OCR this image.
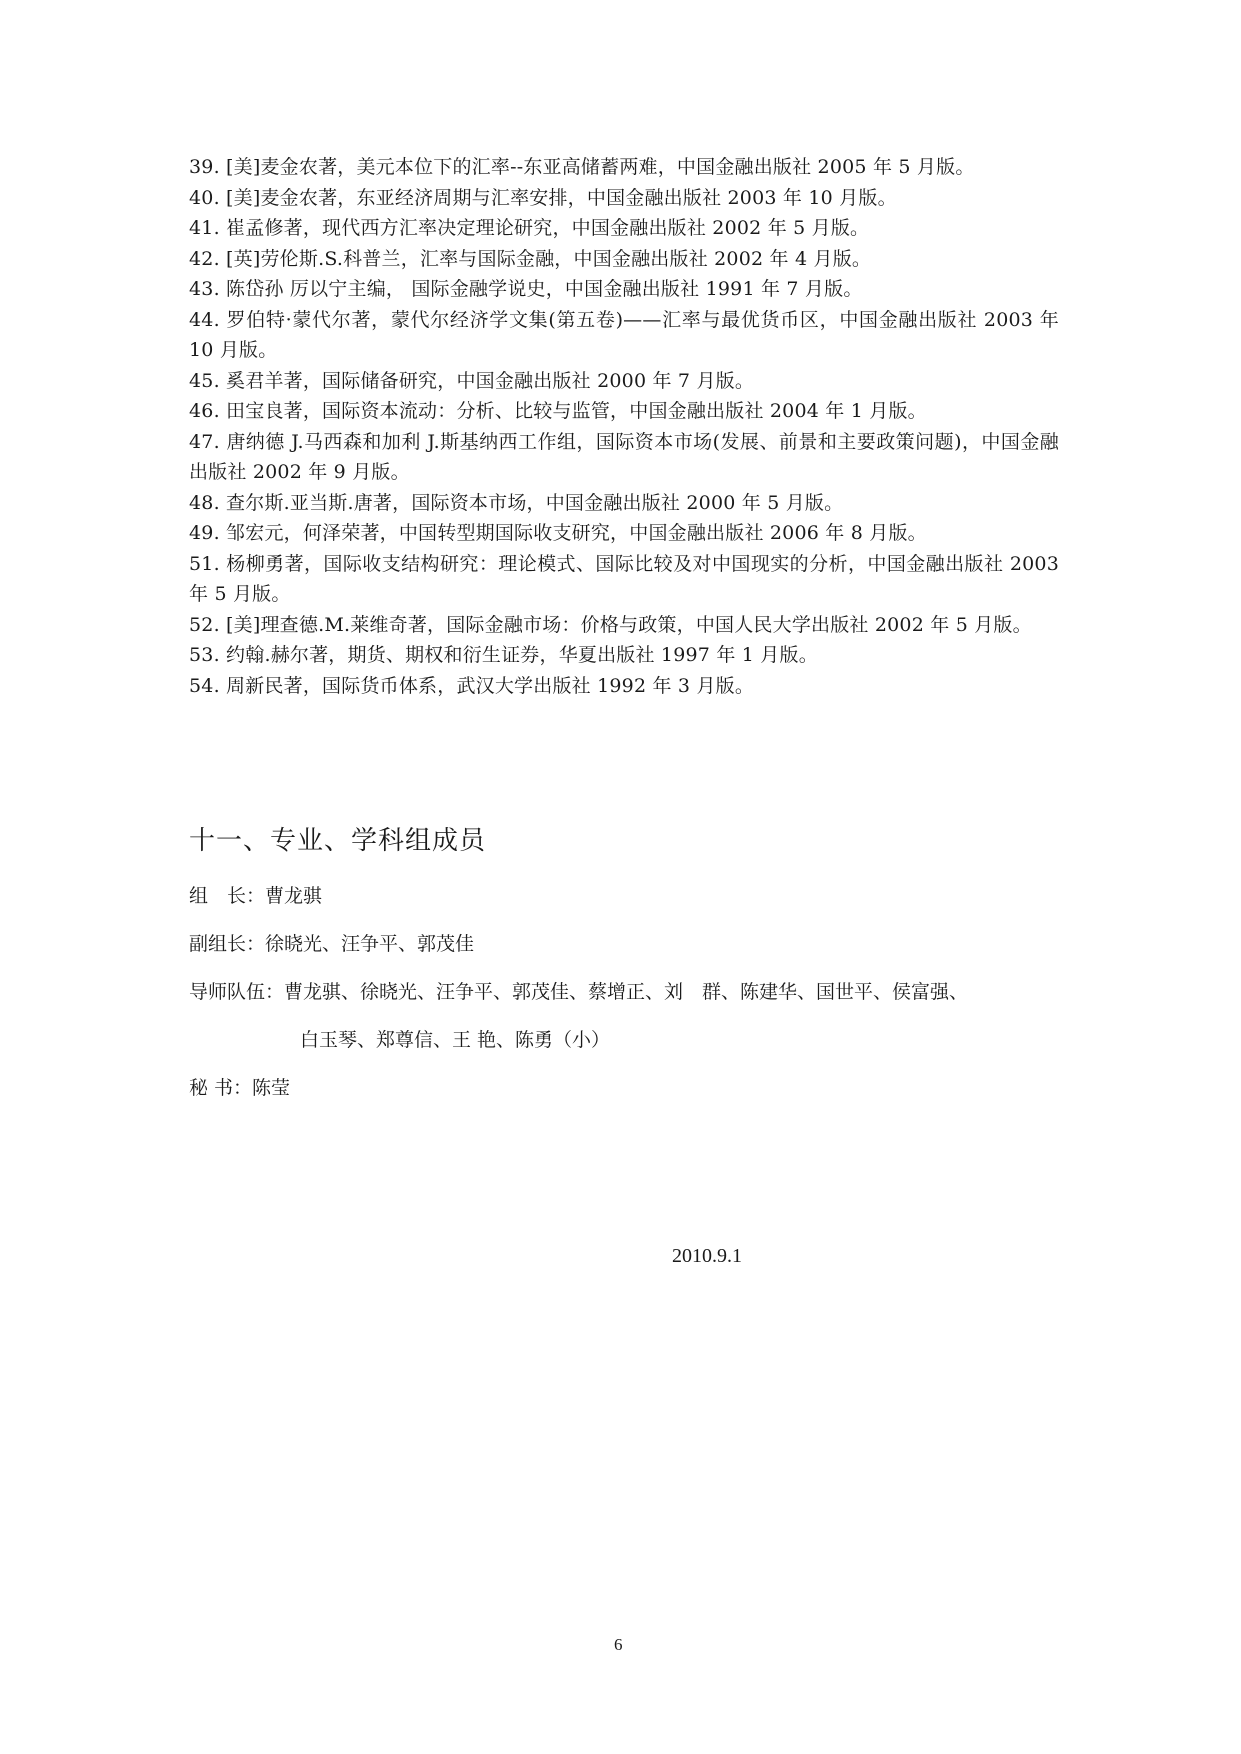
39. [美]麦金农著，美元本位下的汇率--东亚高储蓄两难，中国金融出版社 2005 年 5 月版。
40. [美]麦金农著，东亚经济周期与汇率安排，中国金融出版社 2003 年 10 月版。
41. 崔孟修著，现代西方汇率决定理论研究，中国金融出版社 2002 年 5 月版。
42. [英]劳伦斯.S.科普兰，汇率与国际金融，中国金融出版社 2002 年 4 月版。
43. 陈岱孙 厉以宁主编， 国际金融学说史，中国金融出版社 1991 年 7 月版。
44. 罗伯特·蒙代尔著，蒙代尔经济学文集(第五卷)——汇率与最优货币区，中国金融出版社 2003 年 10 月版。
45. 奚君羊著，国际储备研究，中国金融出版社 2000 年 7 月版。
46. 田宝良著，国际资本流动：分析、比较与监管，中国金融出版社 2004 年 1 月版。
47. 唐纳德 J.马西森和加利 J.斯基纳西工作组，国际资本市场(发展、前景和主要政策问题)，中国金融出版社 2002 年 9 月版。
48. 查尔斯.亚当斯.唐著，国际资本市场，中国金融出版社 2000 年 5 月版。
49. 邹宏元，何泽荣著，中国转型期国际收支研究，中国金融出版社 2006 年 8 月版。
51. 杨柳勇著，国际收支结构研究：理论模式、国际比较及对中国现实的分析，中国金融出版社 2003 年 5 月版。
52. [美]理查德.M.莱维奇著，国际金融市场：价格与政策，中国人民大学出版社 2002 年 5 月版。
53. 约翰.赫尔著，期货、期权和衍生证券，华夏出版社 1997 年 1 月版。
54. 周新民著，国际货币体系，武汉大学出版社 1992 年 3 月版。
十一、专业、学科组成员
组　长：曹龙骐
副组长：徐晓光、汪争平、郭茂佳
导师队伍：曹龙骐、徐晓光、汪争平、郭茂佳、蔡增正、刘　群、陈建华、国世平、侯富强、
白玉琴、郑尊信、王 艳、陈勇（小）
秘 书：陈莹
2010.9.1
6
